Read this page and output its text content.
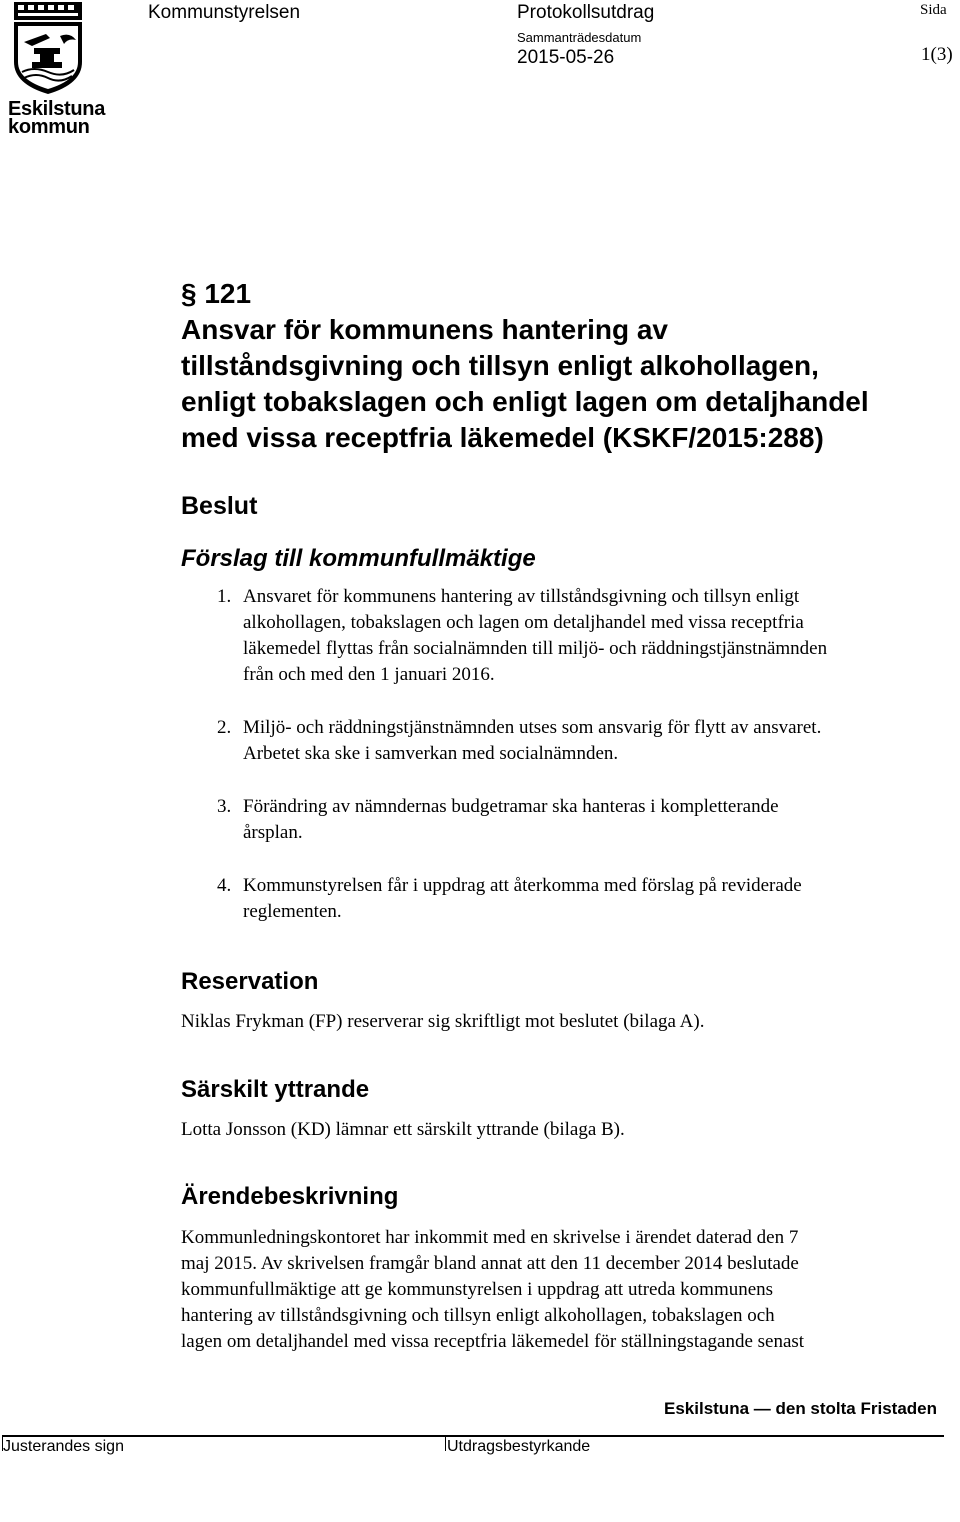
Kommunstyrelsen	Protokollsutdrag
Sammanträdesdatum
2015-05-26
Sida
1(3)
Eskilstuna
kommun
§ 121
Ansvar för kommunens hantering av
tillståndsgivning och tillsyn enligt alkohollagen,
enligt tobakslagen och enligt lagen om detaljhandel
med vissa receptfria läkemedel (KSKF/2015:288)
Beslut
Förslag till kommunfullmäktige
1. Ansvaret för kommunens hantering av tillståndsgivning och tillsyn enligt
alkohollagen, tobakslagen och lagen om detaljhandel med vissa receptfria
läkemedel flyttas från socialnämnden till miljö- och räddningstjänstnämnden
från och med den 1 januari 2016.
2. Miljö- och räddningstjänstnämnden utses som ansvarig för flytt av ansvaret.
Arbetet ska ske i samverkan med socialnämnden.
3. Förändring av nämndernas budgetramar ska hanteras i kompletterande
årsplan.
4. Kommunstyrelsen får i uppdrag att återkomma med förslag på reviderade
reglementen.
Reservation
Niklas Frykman (FP) reserverar sig skriftligt mot beslutet (bilaga A).
Särskilt yttrande
Lotta Jonsson (KD) lämnar ett särskilt yttrande (bilaga B).
Ärendebeskrivning
Kommunledningskontoret har inkommit med en skrivelse i ärendet daterad den 7
maj 2015. Av skrivelsen framgår bland annat att den 11 december 2014 beslutade
kommunfullmäktige att ge kommunstyrelsen i uppdrag att utreda kommunens
hantering av tillståndsgivning och tillsyn enligt alkohollagen, tobakslagen och
lagen om detaljhandel med vissa receptfria läkemedel för ställningstagande senast
Eskilstuna — den stolta Fristaden
Justerandes sign	Utdragsbestyrkande
